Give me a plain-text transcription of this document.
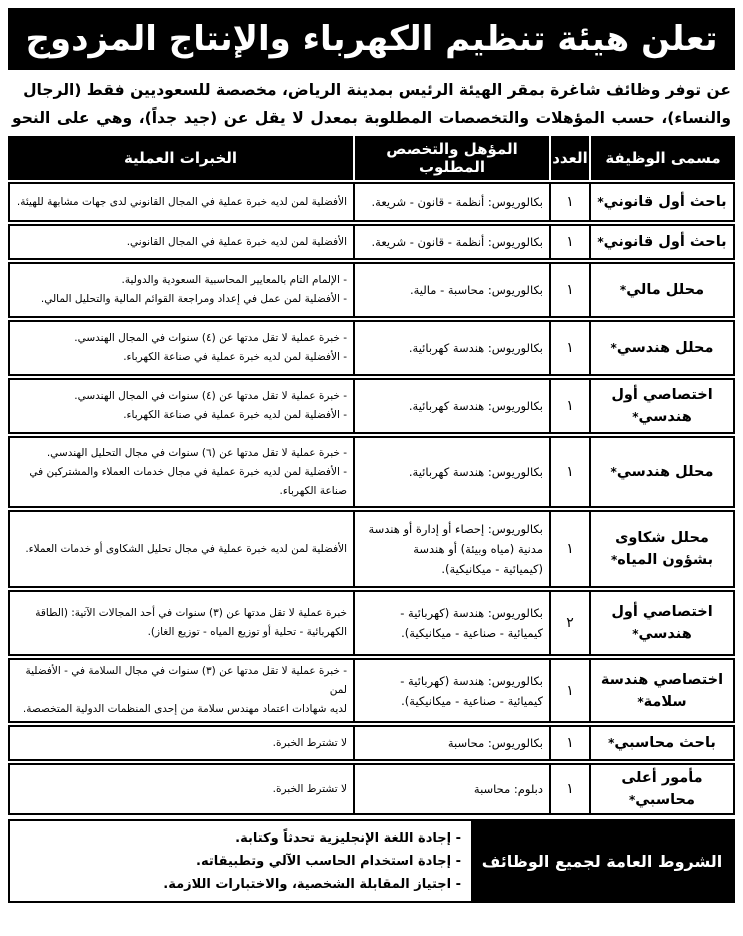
تعلن هيئة تنظيم الكهرباء والإنتاج المزدوج
عن توفر وظائف شاغرة بمقر الهيئة الرئيس بمدينة الرياض، مخصصة للسعوديين فقط (الرجال
والنساء)، حسب المؤهلات والتخصصات المطلوبة بمعدل لا يقل عن (جيد جداً)، وهي على النحو التالي:
مسمى الوظيفة	العدد	المؤهل والتخصص المطلوب	الخبرات العملية
باحث أول قانوني*	١	بكالوريوس: أنظمة - قانون - شريعة.	الأفضلية لمن لديه خبرة عملية في المجال القانوني لدى جهات مشابهة للهيئة.

باحث أول قانوني*	١	بكالوريوس: أنظمة - قانون - شريعة.	الأفضلية لمن لديه خبرة عملية في المجال القانوني.

محلل مالي*	١	بكالوريوس: محاسبة - مالية.	- الإلمام التام بالمعايير المحاسبية السعودية والدولية.
- الأفضلية لمن عمل في إعداد ومراجعة القوائم المالية والتحليل المالي.

محلل هندسي*	١	بكالوريوس: هندسة كهربائية.	- خبرة عملية لا تقل مدتها عن (٤) سنوات في المجال الهندسي.
- الأفضلية لمن لديه خبرة عملية في صناعة الكهرباء.

اختصاصي أول هندسي*	١	بكالوريوس: هندسة كهربائية.	- خبرة عملية لا تقل مدتها عن (٤) سنوات في المجال الهندسي.
- الأفضلية لمن لديه خبرة عملية في صناعة الكهرباء.

محلل هندسي*	١	بكالوريوس: هندسة كهربائية.	- خبرة عملية لا تقل مدتها عن (٦) سنوات في مجال التحليل الهندسي.
- الأفضلية لمن لديه خبرة عملية في مجال خدمات العملاء والمشتركين في
صناعة الكهرباء.

محلل شكاوى بشؤون المياه*	١	بكالوريوس: إحصاء أو إدارة أو هندسة
مدنية (مياه وبيئة) أو هندسة
(كيميائية - ميكانيكية).	الأفضلية لمن لديه خبرة عملية في مجال تحليل الشكاوى أو خدمات العملاء.

اختصاصي أول هندسي*	٢	بكالوريوس: هندسة (كهربائية -
كيميائية - صناعية - ميكانيكية).	خبرة عملية لا تقل مدتها عن (٣) سنوات في أحد المجالات الآتية: (الطاقة
الكهربائية - تحلية أو توزيع المياه - توزيع الغاز).

اختصاصي هندسة سلامة*	١	بكالوريوس: هندسة (كهربائية -
كيميائية - صناعية - ميكانيكية).	- خبرة عملية لا تقل مدتها عن (٣) سنوات في مجال السلامة في - الأفضلية لمن
لديه شهادات اعتماد مهندس سلامة من إحدى المنظمات الدولية المتخصصة.

باحث محاسبي*	١	بكالوريوس: محاسبة	لا تشترط الخبرة.

مأمور أعلى محاسبي*	١	دبلوم: محاسبة	لا تشترط الخبرة.
الشروط العامة لجميع الوظائف
- إجادة اللغة الإنجليزية تحدثاً وكتابة.
- إجادة استخدام الحاسب الآلي وتطبيقاته.
- اجتياز المقابلة الشخصية، والاختبارات اللازمة.
